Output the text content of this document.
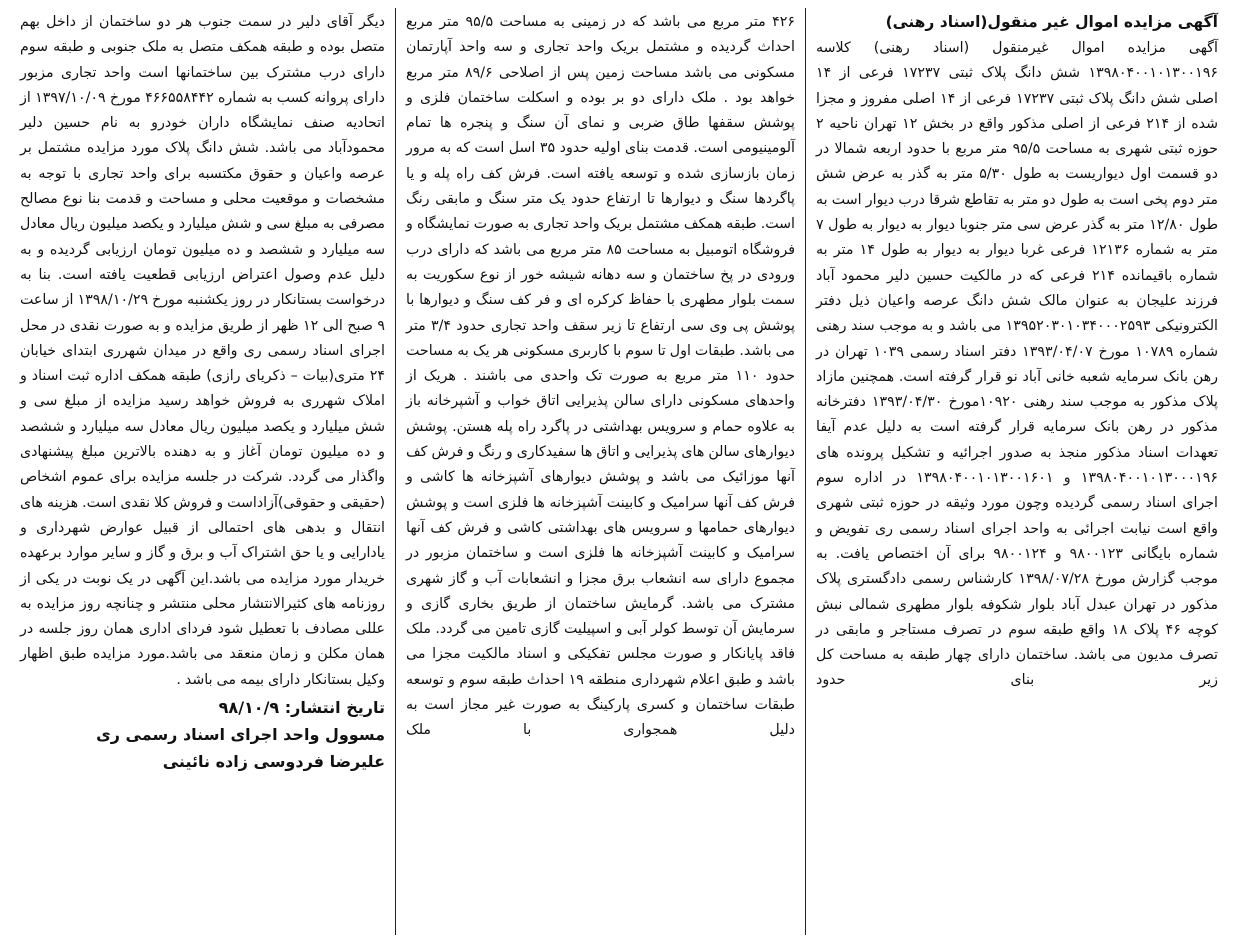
آگهی مزایده اموال غیر منقول(اسناد رهنی)

آگهی مزایده اموال غیرمنقول (اسناد رهنی) کلاسه ۱۳۹۸۰۴۰۰۱۰۱۳۰۰۱۹۶ شش دانگ پلاک ثبتی ۱۷۲۳۷ فرعی از ۱۴ اصلی شش دانگ پلاک ثبتی ۱۷۲۳۷ فرعی از ۱۴ اصلی مفروز و مجزا شده از ۲۱۴ فرعی از اصلی مذکور واقع در بخش ۱۲ تهران ناحیه ۲ حوزه ثبتی شهری به مساحت ۹۵/۵ متر مربع با حدود اربعه شمالا در دو قسمت اول دیواریست به طول ۵/۳۰ متر به گذر به عرض شش متر دوم پخی است به طول دو متر به تقاطع شرقا درب دیوار است به طول ۱۲/۸۰ متر به گذر عرض سی متر جنوبا دیوار به دیوار به طول ۷ متر به شماره ۱۲۱۳۶ فرعی غربا دیوار به دیوار به طول ۱۴ متر به شماره باقیمانده ۲۱۴ فرعی که در مالکیت حسین دلیر محمود آباد فرزند علیجان به عنوان مالک شش دانگ عرصه واعیان ذیل دفتر الکترونیکی ۱۳۹۵۲۰۳۰۱۰۳۴۰۰۰۲۵۹۳ می باشد و به موجب سند رهنی شماره ۱۰۷۸۹ مورخ ۱۳۹۳/۰۴/۰۷ دفتر اسناد رسمی ۱۰۳۹ تهران در رهن بانک سرمایه شعبه خانی آباد نو قرار گرفته است. همچنین مازاد پلاک مذکور به موجب سند رهنی ۱۰۹۲۰مورخ ۱۳۹۳/۰۴/۳۰ دفترخانه مذکور در رهن بانک سرمایه قرار گرفته است به دلیل عدم آیفا تعهدات اسناد مذکور منجذ به صدور اجرائیه و تشکیل پرونده های ۱۳۹۸۰۴۰۰۱۰۱۳۰۰۰۱۹۶ و ۱۳۹۸۰۴۰۰۱۰۱۳۰۰۱۶۰۱ در اداره سوم اجرای اسناد رسمی گردیده وچون مورد وثیقه در حوزه ثبتی شهری واقع است نیابت اجرائی به واحد اجرای اسناد رسمی ری تفویض و شماره بایگانی ۹۸۰۰۱۲۳ و ۹۸۰۰۱۲۴ برای آن اختصاص یافت. به موجب گزارش مورخ ۱۳۹۸/۰۷/۲۸ کارشناس رسمی دادگستری پلاک مذکور در تهران عبدل آباد بلوار شکوفه بلوار مطهری شمالی نبش کوچه ۴۶ پلاک ۱۸ واقع طبقه سوم در تصرف مستاجر و مابقی در تصرف مدیون می باشد. ساختمان دارای چهار طبقه به مساحت کل زیر بنای حدود

۴۲۶ متر مربع می باشد که در زمینی به مساحت ۹۵/۵ متر مربع احداث گردیده و مشتمل بریک واحد تجاری و سه واحد آپارتمان مسکونی می باشد مساحت زمین پس از اصلاحی ۸۹/۶ متر مربع خواهد بود . ملک دارای دو بر بوده و اسکلت ساختمان فلزی و پوشش سقفها طاق ضربی و نمای آن سنگ و پنجره ها تمام آلومینیومی است. قدمت بنای اولیه حدود ۳۵ اسل است که به مرور زمان بازسازی شده و توسعه یافته است. فرش کف راه پله و یا پاگردها سنگ و دیوارها تا ارتفاع حدود یک متر سنگ و مابقی رنگ است. طبقه همکف مشتمل بریک واحد تجاری به صورت نمایشگاه و فروشگاه اتومبیل به مساحت ۸۵ متر مربع می باشد که دارای درب ورودی در پخ ساختمان و سه دهانه شیشه خور از نوع سکوریت به سمت بلوار مطهری با حفاظ کرکره ای و فر کف سنگ و دیوارها با پوشش پی وی سی ارتفاع تا زیر سقف واحد تجاری حدود ۳/۴ متر می باشد. طبقات اول تا سوم با کاربری مسکونی هر یک به مساحت حدود ۱۱۰ متر مربع به صورت تک واحدی می باشند . هریک از واحدهای مسکونی دارای سالن پذیرایی اتاق خواب و آشپرخانه باز به علاوه حمام و سرویس بهداشتی در پاگرد راه پله هستن. پوشش دیوارهای سالن های پذیرایی و اتاق ها سفیدکاری و رنگ و فرش کف آنها موزائیک می باشد و پوشش دیوارهای آشپزخانه ها کاشی و فرش کف آنها سرامیک و کابینت آشپزخانه ها فلزی است و پوشش دیوارهای حمامها و سرویس های بهداشتی کاشی و فرش کف آنها سرامیک و کابینت آشپزخانه ها فلزی است و ساختمان مزبور در مجموع دارای سه انشعاب برق مجزا و انشعابات آب و گاز شهری مشترک می باشد. گرمایش ساختمان از طریق بخاری گازی و سرمایش آن توسط کولر آبی و اسپیلیت گازی تامین می گردد. ملک فاقد پایانکار و صورت مجلس تفکیکی و اسناد مالکیت مجزا می باشد و طبق اعلام شهرداری منطقه ۱۹ احداث طبقه سوم و توسعه طبقات ساختمان و کسری پارکینگ به صورت غیر مجاز است به دلیل همجواری با ملک

دیگر آقای دلیر در سمت جنوب هر دو ساختمان از داخل بهم متصل بوده و طبقه همکف متصل به ملک جنوبی و طبقه سوم دارای درب مشترک بین ساختمانها است واحد تجاری مزبور دارای پروانه کسب به شماره ۴۶۶۵۵۸۴۴۲ مورخ ۱۳۹۷/۱۰/۰۹ از اتحادیه صنف نمایشگاه داران خودرو به نام حسین دلیر محمودآباد می باشد. شش دانگ پلاک مورد مزایده مشتمل بر عرصه واعیان و حقوق مکتسبه برای واحد تجاری با توجه به مشخصات و موقعیت محلی و مساحت و قدمت بنا نوع مصالح مصرفی به مبلغ سی و شش میلیارد و یکصد میلیون ریال معادل سه میلیارد و ششصد و ده میلیون تومان ارزیابی گردیده و به دلیل عدم وصول اعتراض ارزیابی قطعیت یافته است. بنا به درخواست بستانکار در روز یکشنبه مورخ ۱۳۹۸/۱۰/۲۹ از ساعت ۹ صبح الی ۱۲ ظهر از طریق مزایده و به صورت نقدی در محل اجرای اسناد رسمی ری واقع در میدان شهرری ابتدای خیابان ۲۴ متری(بیات – ذکریای رازی) طبقه همکف اداره ثبت اسناد و املاک شهرری به فروش خواهد رسید مزایده از مبلغ سی و شش میلیارد و یکصد میلیون ریال معادل سه میلیارد و ششصد و ده میلیون تومان آغاز و به دهنده بالاترین مبلغ پیشنهادی واگذار می گردد. شرکت در جلسه مزایده برای عموم اشخاص (حقیقی و حقوقی)آزاداست و فروش کلا نقدی است. هزینه های انتقال و بدهی های احتمالی از قبیل عوارض شهرداری و یادارایی و یا حق اشتراک آب و برق و گاز و سایر موارد برعهده خریدار مورد مزایده می باشد.این آگهی در یک نوبت در یکی از روزنامه های کثیرالانتشار محلی منتشر و چنانچه روز مزایده به عللی مصادف با تعطیل شود فردای اداری همان روز جلسه در همان مکلن و زمان منعقد می باشد.مورد مزایده طبق اظهار وکیل بستانکار دارای بیمه می باشد .

تاریخ انتشار: ۹۸/۱۰/۹

مسوول واحد اجرای اسناد رسمی ری

علیرضا فردوسی زاده نائینی
